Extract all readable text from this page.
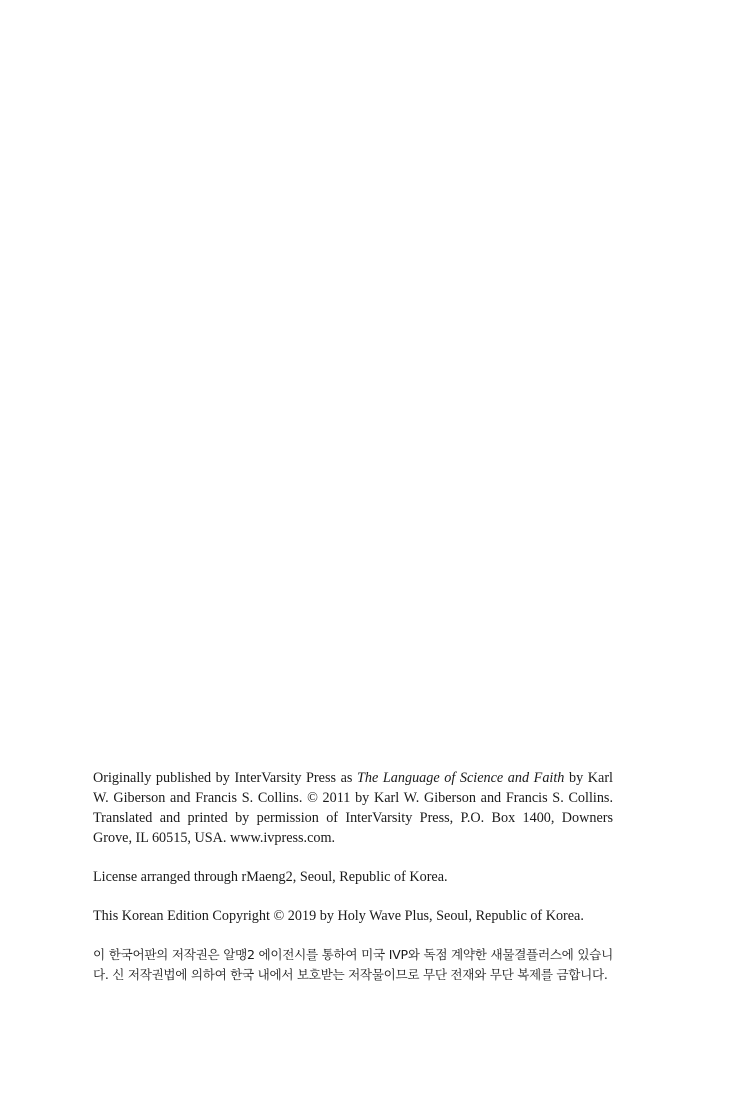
Originally published by InterVarsity Press as The Language of Science and Faith by Karl W. Giberson and Francis S. Collins. © 2011 by Karl W. Giberson and Francis S. Collins. Translated and printed by permission of InterVarsity Press, P.O. Box 1400, Downers Grove, IL 60515, USA. www.ivpress.com.

License arranged through rMaeng2, Seoul, Republic of Korea.

This Korean Edition Copyright © 2019 by Holy Wave Plus, Seoul, Republic of Korea.

이 한국어판의 저작권은 알맹2 에이전시를 통하여 미국 IVP와 독점 계약한 새물결플러스에 있습니다. 신 저작권법에 의하여 한국 내에서 보호받는 저작물이므로 무단 전재와 무단 복제를 금합니다.
